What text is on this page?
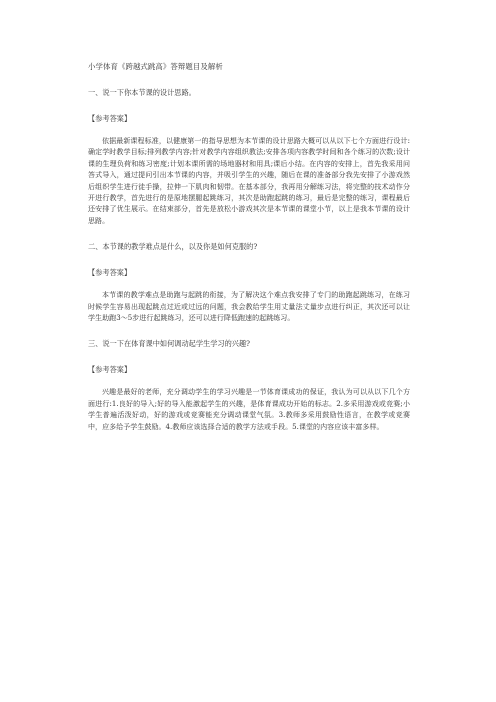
小学体育《跨越式跳高》答辩题目及解析
一、说一下你本节课的设计思路。
【参考答案】
依据最新课程标准，以健康第一的指导思想为本节课的设计思路大概可以从以下七个方面进行设计:确定学时教学目标;排列教学内容;针对教学内容组织教法;安排各项内容教学时间和各个练习的次数;设计课的生理负荷和练习密度;计划本课所需的场地器材和用具;课后小结。在内容的安排上，首先我采用问答式导入，通过提问引出本节课的内容，并吸引学生的兴趣，随后在课的准备部分我先安排了小游戏然后组织学生进行徒手操，拉伸一下肌肉和韧带。在基本部分，我再用分解练习法，将完整的技术动作分开进行教学，首先进行的是原地摆腿起跳练习，其次是助跑起跳的练习，最后是完整的练习，课程最后还安排了优生展示。在结束部分，首先是放松小游戏其次是本节课的课堂小节，以上是我本节课的设计思路。
二、本节课的教学难点是什么，以及你是如何克服的?
【参考答案】
本节课的教学难点是助跑与起跳的衔接，为了解决这个难点我安排了专门的助跑起跳练习，在练习时候学生容易出现起跳点过近或过远的问题，我会教给学生用丈量法丈量步点进行纠正，其次还可以让学生助跑3～5步进行起跳练习，还可以进行降低跑速的起跳练习。
三、说一下在体育课中如何调动起学生学习的兴趣?
【参考答案】
兴趣是最好的老师，充分调动学生的学习兴趣是一节体育课成功的保证，我认为可以从以下几个方面进行:1.良好的导入;好的导入能激起学生的兴趣，是体育课成功开始的标志。2.多采用游戏或竞赛;小学生普遍活泼好动，好的游戏或竞赛能充分调动课堂气氛。3.教师多采用鼓励性语言，在教学或竞赛中，应多给予学生鼓励。4.教师应该选择合适的教学方法或手段。5.课堂的内容应该丰富多样。
